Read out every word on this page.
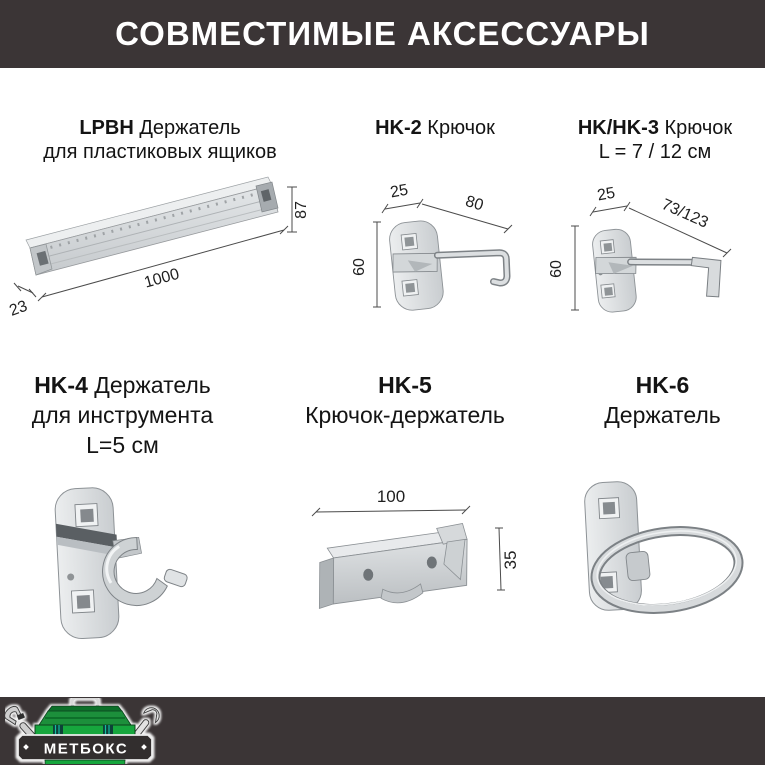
СОВМЕСТИМЫЕ АКСЕССУАРЫ
LPBH Держатель
для пластиковых ящиков
HK-2 Крючок	HK/HK-3 Крючок
L = 7 / 12 см
HK-4 Держатель
для инструмента
L=5 см
HK-5
Крючок-держатель
HK-6
Держатель
87
1000
23
25
80
60
25
73/123
60
100
35
МЕТБОКС
